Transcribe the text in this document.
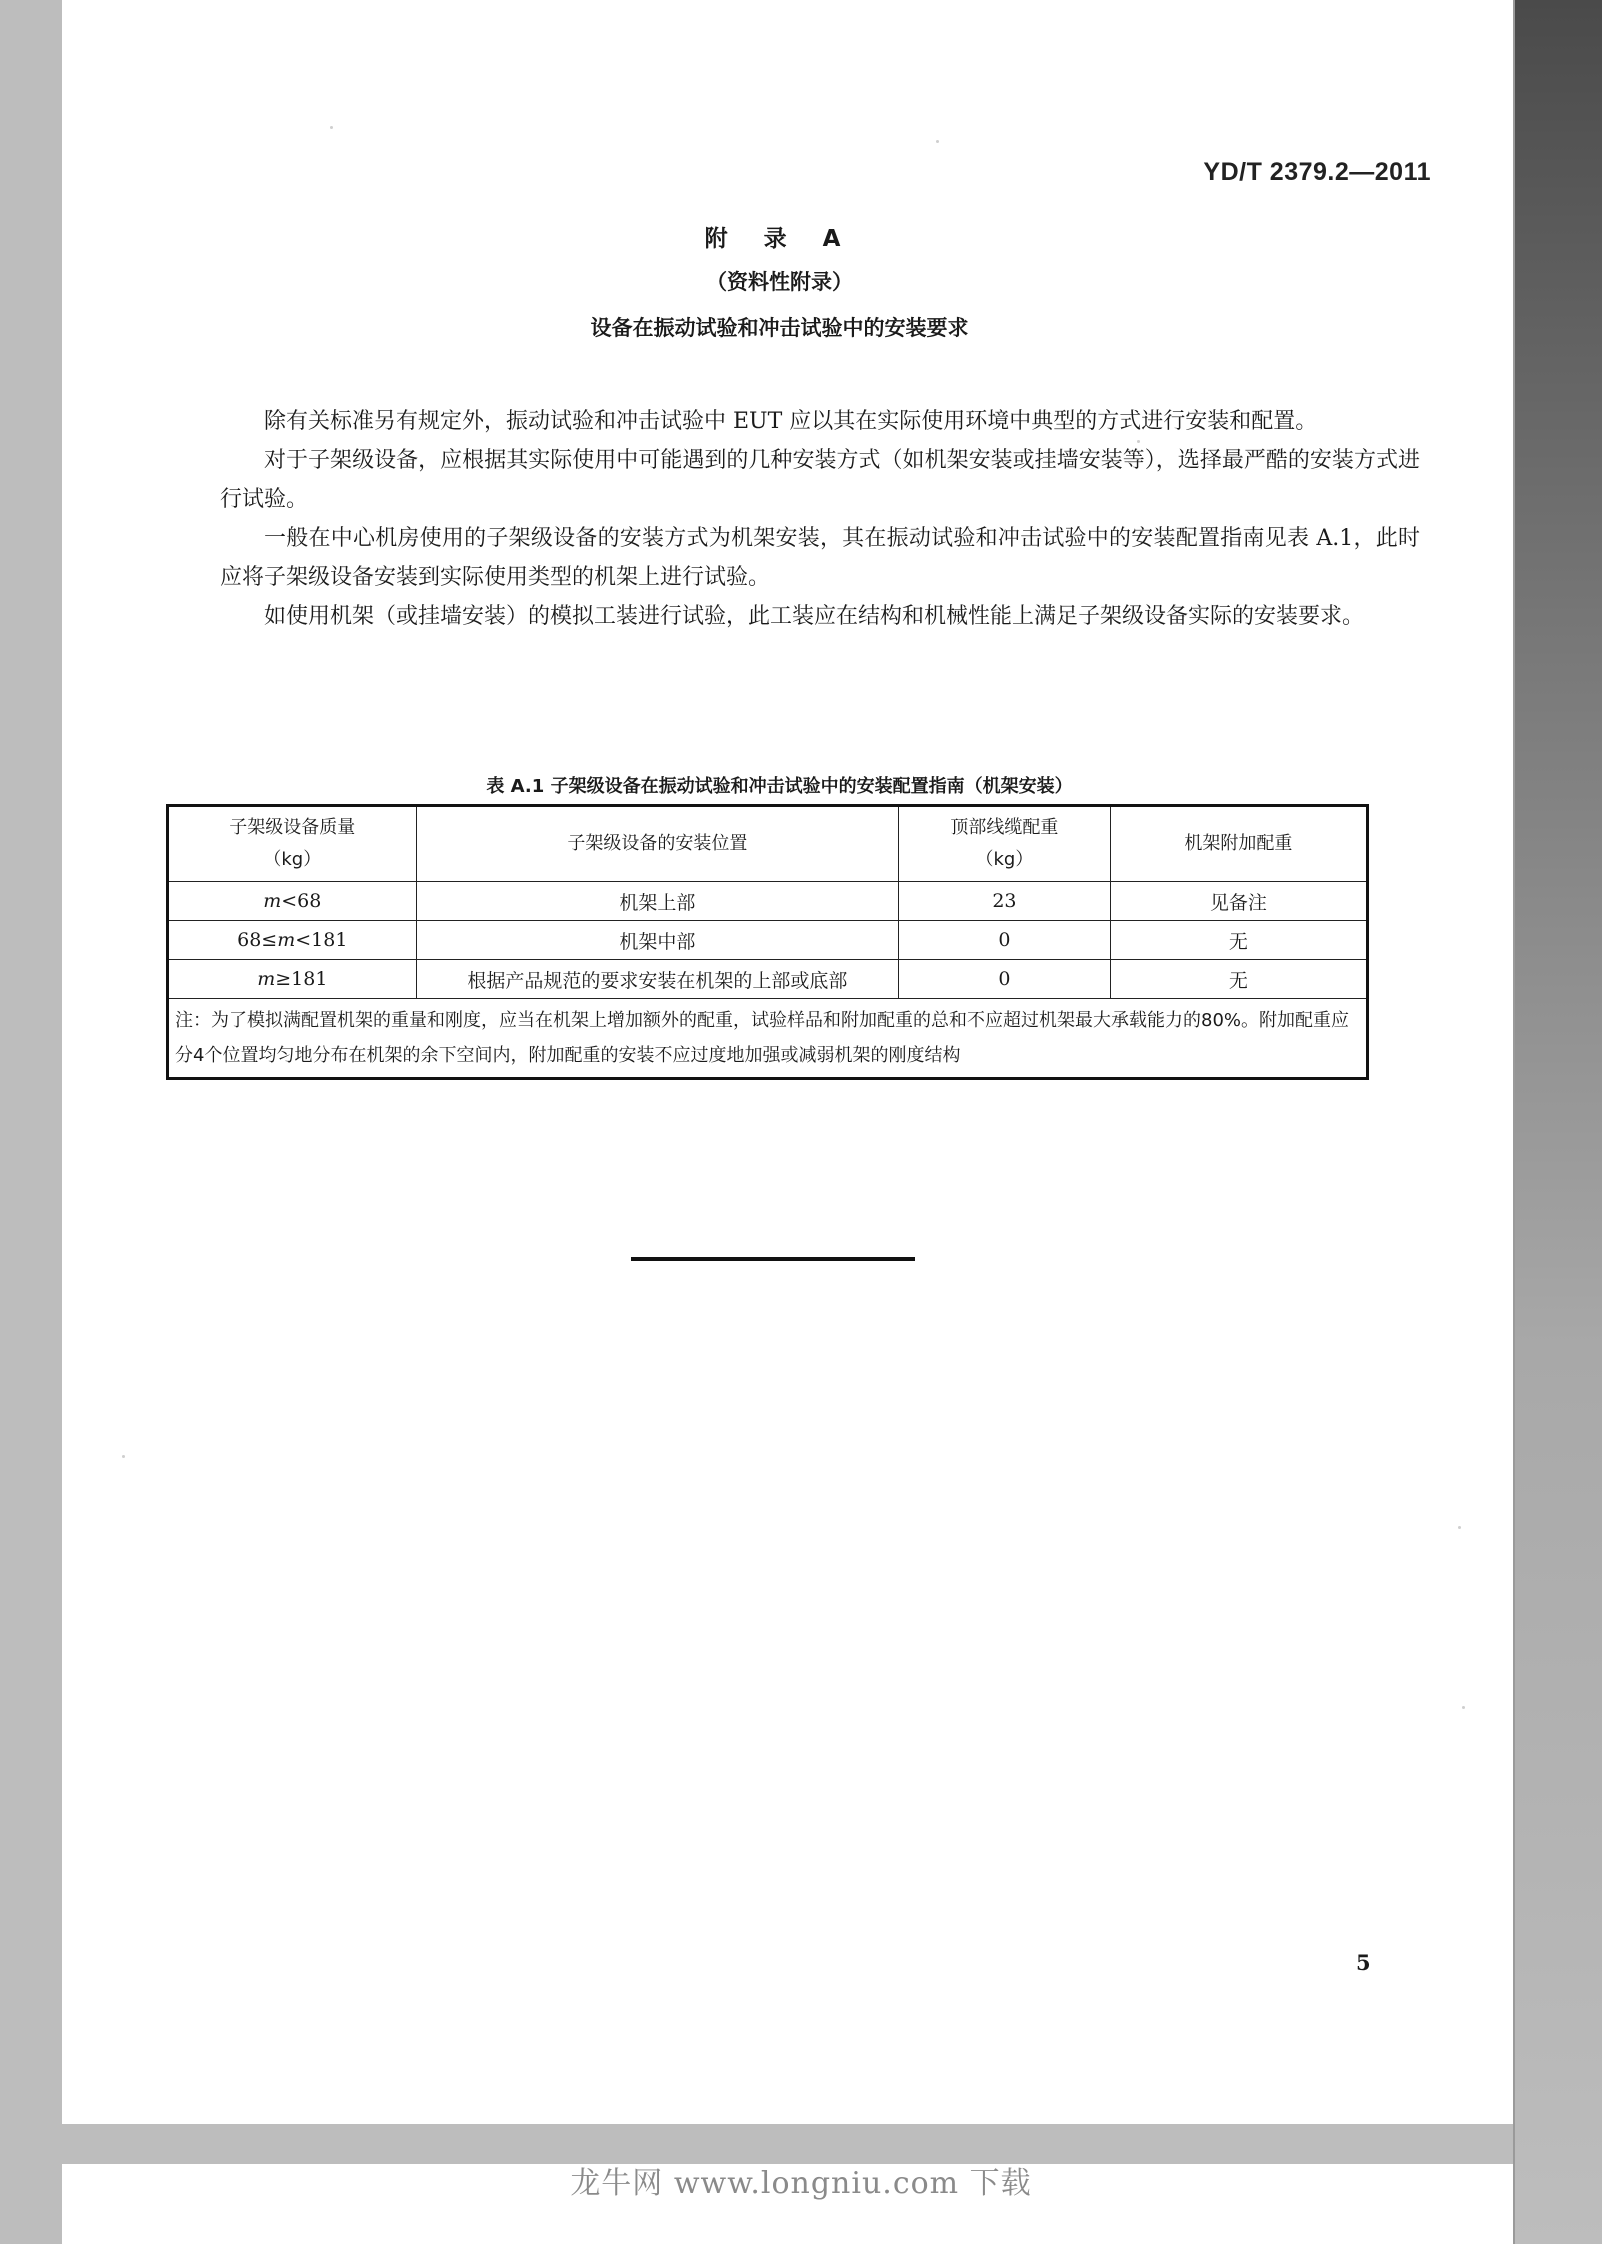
YD/T 2379.2—2011
附 录 A
（资料性附录）
设备在振动试验和冲击试验中的安装要求

除有关标准另有规定外，振动试验和冲击试验中 EUT 应以其在实际使用环境中典型的方式进行安装和配置。

对于子架级设备，应根据其实际使用中可能遇到的几种安装方式（如机架安装或挂墙安装等），选择最严酷的安装方式进行试验。

一般在中心机房使用的子架级设备的安装方式为机架安装，其在振动试验和冲击试验中的安装配置指南见表 A.1，此时应将子架级设备安装到实际使用类型的机架上进行试验。

如使用机架（或挂墙安装）的模拟工装进行试验，此工装应在结构和机械性能上满足子架级设备实际的安装要求。

表 A.1 子架级设备在振动试验和冲击试验中的安装配置指南（机架安装）
子架级设备质量
（kg）
	子架级设备的安装位置	
顶部线缆配重
（kg）
	机架附加配重
m<68	机架上部	23	见备注
68≤m<181	机架中部	0	无
m≥181	根据产品规范的要求安装在机架的上部或底部	0	无
注：为了模拟满配置机架的重量和刚度，应当在机架上增加额外的配重，试验样品和附加配重的总和不应超过机架最大承载能力的80%。附加配重应分4个位置均匀地分布在机架的余下空间内，附加配重的安装不应过度地加强或减弱机架的刚度结构			
5
龙牛网 www.longniu.com 下载
